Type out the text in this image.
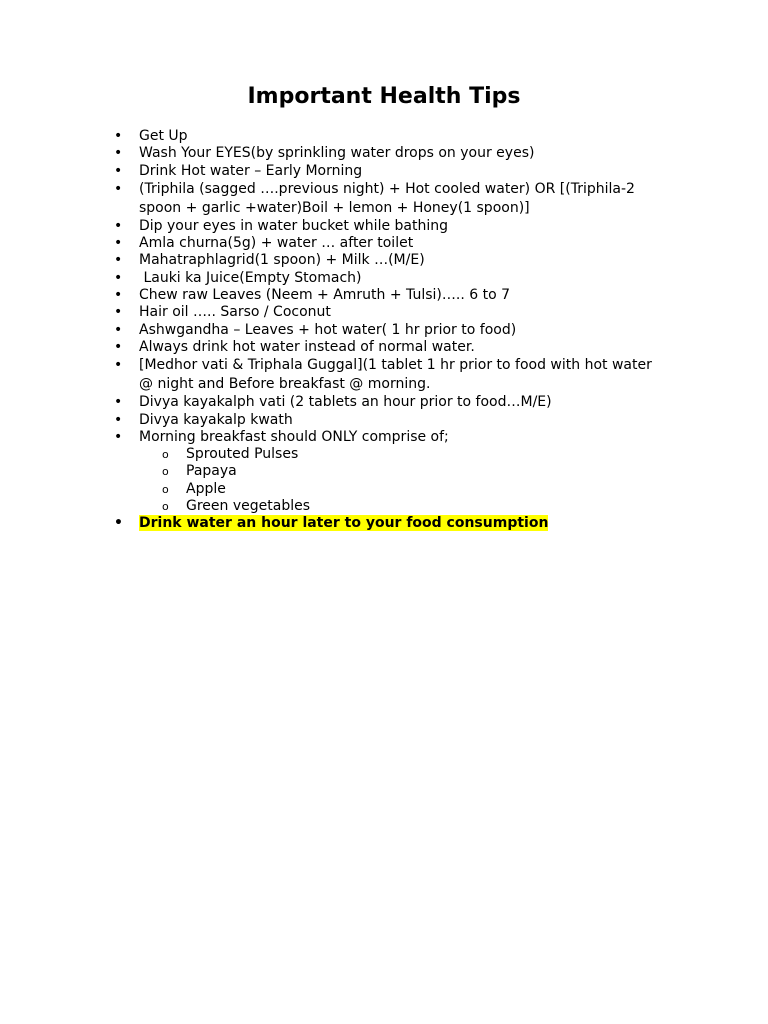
Important Health Tips
• Get Up
• Wash Your EYES(by sprinkling water drops on your eyes)
• Drink Hot water – Early Morning
• (Triphila (sagged ….previous night) + Hot cooled water) OR [(Triphila-2 spoon + garlic +water)Boil + lemon + Honey(1 spoon)]
• Dip your eyes in water bucket while bathing
• Amla churna(5g) + water … after toilet
• Mahatraphlagrid(1 spoon) + Milk …(M/E)
• Lauki ka Juice(Empty Stomach)
• Chew raw Leaves (Neem + Amruth + Tulsi)….. 6 to 7
• Hair oil ….. Sarso / Coconut
• Ashwgandha – Leaves + hot water( 1 hr prior to food)
• Always drink hot water instead of normal water.
• [Medhor vati & Triphala Guggal](1 tablet 1 hr prior to food with hot water @ night and Before breakfast @ morning.
• Divya kayakalph vati (2 tablets an hour prior to food…M/E)
• Divya kayakalp kwath
• Morning breakfast should ONLY comprise of;
o Sprouted Pulses
o Papaya
o Apple
o Green vegetables
• Drink water an hour later to your food consumption
